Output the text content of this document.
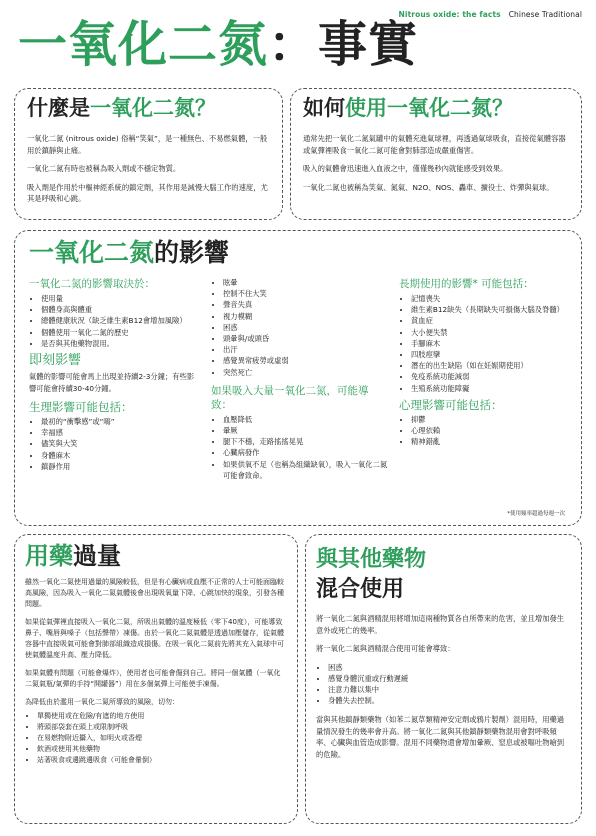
Nitrous oxide: the facts Chinese Traditional
一氧化二氮：事實
什麼是一氧化二氮？

一氧化二氮 (nitrous oxide) 俗稱“笑氣”，是一種無色、不易燃氣體，一般用於鎮靜與止痛。

一氧化二氮有時也被稱為吸入劑或不穩定物質。

吸入劑是作用於中樞神經系統的鎮定劑，其作用是減慢大腦工作的速度，尤其是呼吸和心跳。

如何使用一氧化二氮？

通常先把一氧化二氮氣罐中的氣體充進氣球裡，再透過氣球吸食，直接從氣體容器或氣彈裡吸食一氧化二氮可能會對肺部造成嚴重傷害。

吸入的氣體會迅速進入血液之中，僅僅幾秒內就能感受到效果。

一氧化二氮也被稱為笑氣、氮氣、N2O、NOS、轟車、擴役士、炸彈與氣球。

一氧化二氮的影響
一氧化二氮的影響取決於：
• 使用量
• 個體身高與體重
• 總體健康狀況（缺乏維生素B12會增加風險）
• 個體使用一氧化二氮的歷史
• 是否與其他藥物混用。
即刻影響

氣體的影響可能會馬上出現並持續2-3分鐘；有些影響可能會持續30-40分鐘。

生理影響可能包括：
• 最初的“衝擊感”或“嗨”
• 幸福感
• 儘笑與大笑
• 身體麻木
• 鎮靜作用
• 眩暈
• 控制不住大笑
• 聲音失真
• 視力模糊
• 困惑
• 頭暈與/或頭昏
• 出汗
• 感覺異常疲勞或虛弱
• 突然死亡
如果吸入大量一氧化二氮，可能導致：
• 血壓降低
• 暈厥
• 腿下不穩，走路搖搖晃晃
• 心臟病發作
• 如果供氧不足（也稱為組織缺氧），吸入一氧化二氮可能會致命。
長期使用的影響* 可能包括：
• 記憶喪失
• 維生素B12缺失（長期缺失可損傷大腦及脊髓）
• 貧血症
• 大小便失禁
• 手腳麻木
• 四肢痙攣
• 潛在的出生缺陷（如在妊娠期使用）
• 免疫系統功能減弱
• 生殖系統功能障礙
心理影響可能包括：
• 抑鬱
• 心理依賴
• 精神錯亂
*使用頻率超過每週一次
用藥過量

雖然一氧化二氮使用過量的風險較低，但是有心臟病或血壓不正常的人士可能面臨較高風險，因為吸入一氧化二氮氣體後會出現吸氧量下降、心跳加快的現象，引發各種問題。

如果從氣彈裡直接吸入一氧化二氮，所吸出氣體的溫度極低（零下40度），可能導致鼻子、嘴唇與嗓子（包括聲帶）凍傷。由於一氧化二氮氣體是透過加壓儲存，從氣體容器中直接吸氣可能會對肺部組織造成損傷。在吸一氧化二氮前先將其充入氣球中可使氣體溫度升高、壓力降低。

如果氣體有問題（可能會爆炸），使用者也可能會傷到自己。將同一個氣體（一氧化二氮氣瓶/氣彈的手持“開罐器”）用在多個氣彈上可能使手凍傷。

為降低由於濫用一氧化二氮所導致的風險，切勿：

• 單獨使用或在危險/有遮的地方使用
• 將頭部袋套在頭上或限制呼吸
• 在易燃物附近攝入，如明火或香煙
• 飲酒或使用其他藥物
• 站著吸食或邊跳邊吸食（可能會暈倒）
與其他藥物
混合使用

將一氧化二氮與酒精混用將增加這兩種物質各自所帶來的危害，並且增加發生意外或死亡的幾率。

將一氧化二氮與酒精混合使用可能會導致：

• 困惑
• 感覺身體沉重或行動遲緩
• 注意力難以集中
• 身體失去控制。

當與其他鎮靜類藥物（如苯二氮草類精神安定劑或鴉片製劑）混用時，用藥過量情況發生的幾率會升高。將一氧化二氮與其他鎮靜類藥物混用會對呼吸頻率、心臟與血管造成影響。混用不同藥物還會增加暈厥、窒息或被嘔吐物嗆到的危險。
